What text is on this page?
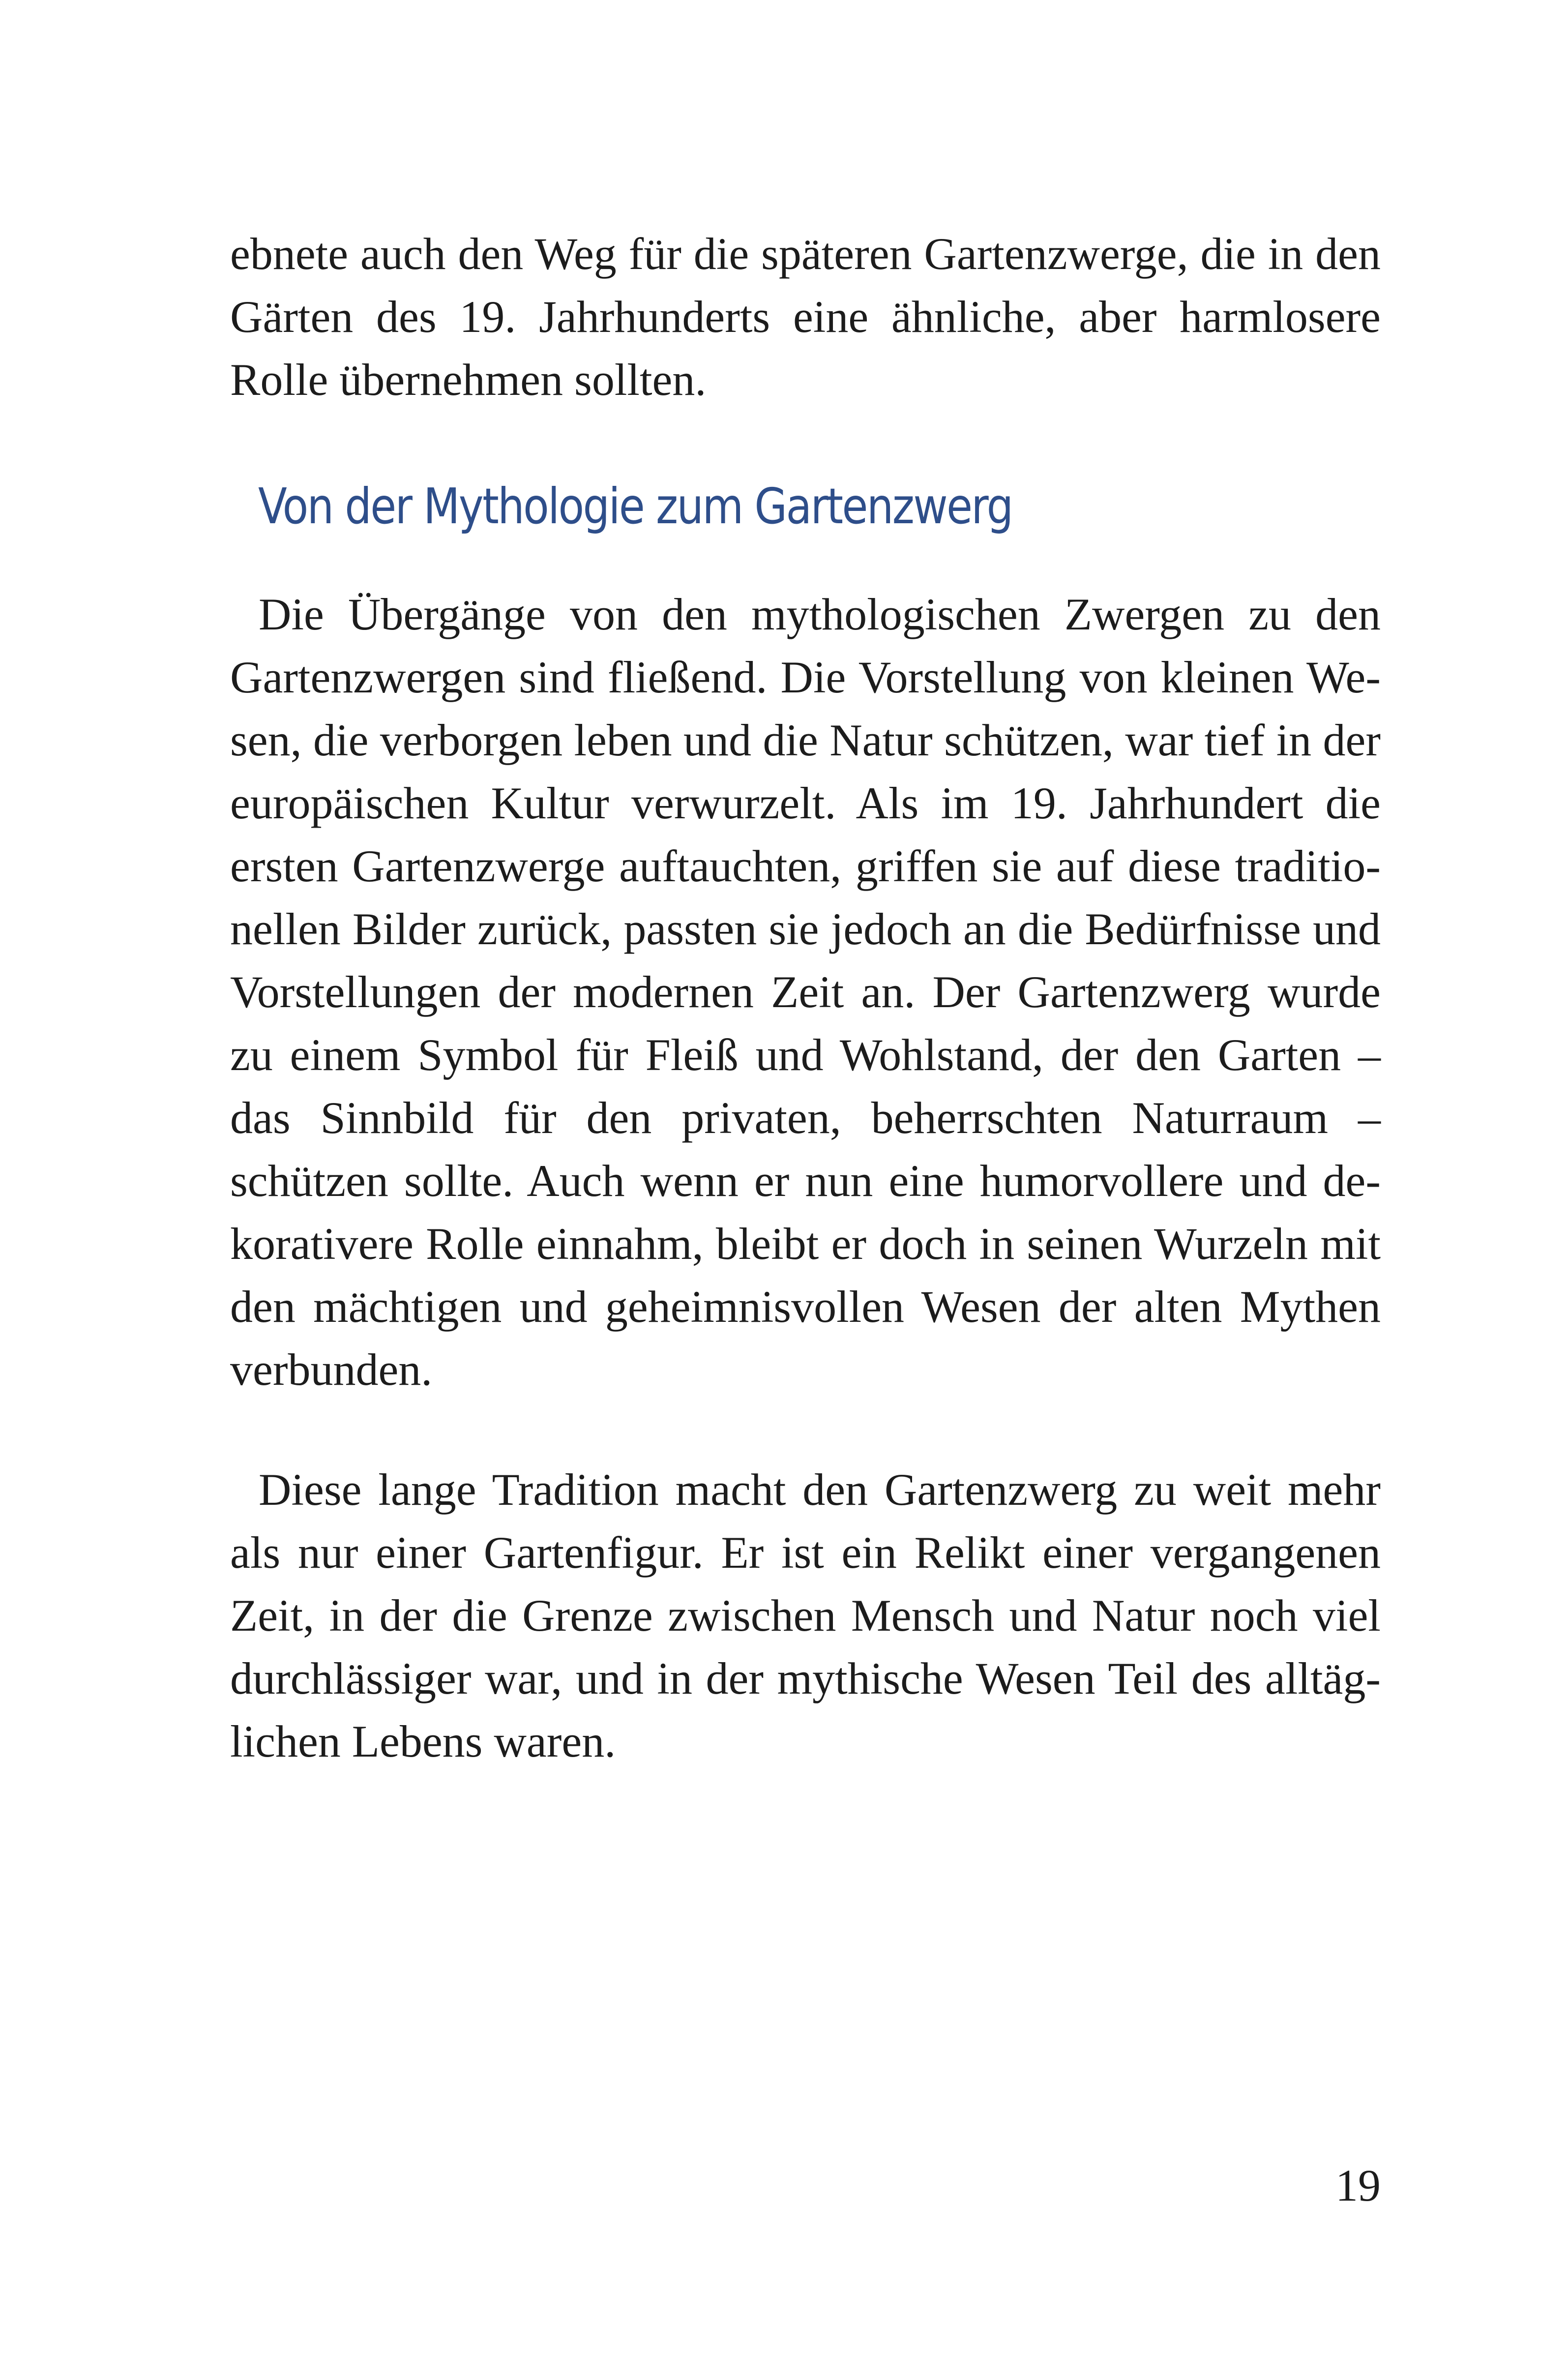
ebnete auch den Weg für die späteren Gartenzwerge, die in den Gärten des 19. Jahrhunderts eine ähnliche, aber harmlosere Rolle übernehmen sollten.

Von der Mythologie zum Gartenzwerg

Die Übergänge von den mythologischen Zwergen zu den Gartenzwergen sind fließend. Die Vorstellung von kleinen Wesen, die verborgen leben und die Natur schützen, war tief in der europäischen Kultur verwurzelt. Als im 19. Jahrhundert die ersten Gartenzwerge auftauchten, griffen sie auf diese traditionellen Bilder zurück, passten sie jedoch an die Bedürfnisse und Vorstellungen der modernen Zeit an. Der Gartenzwerg wurde zu einem Symbol für Fleiß und Wohlstand, der den Garten – das Sinnbild für den privaten, beherrschten Naturraum – schützen sollte. Auch wenn er nun eine humorvollere und dekorativere Rolle einnahm, bleibt er doch in seinen Wurzeln mit den mächtigen und geheimnisvollen Wesen der alten Mythen verbunden.

Diese lange Tradition macht den Gartenzwerg zu weit mehr als nur einer Gartenfigur. Er ist ein Relikt einer vergangenen Zeit, in der die Grenze zwischen Mensch und Natur noch viel durchlässiger war, und in der mythische Wesen Teil des alltäglichen Lebens waren.

19
